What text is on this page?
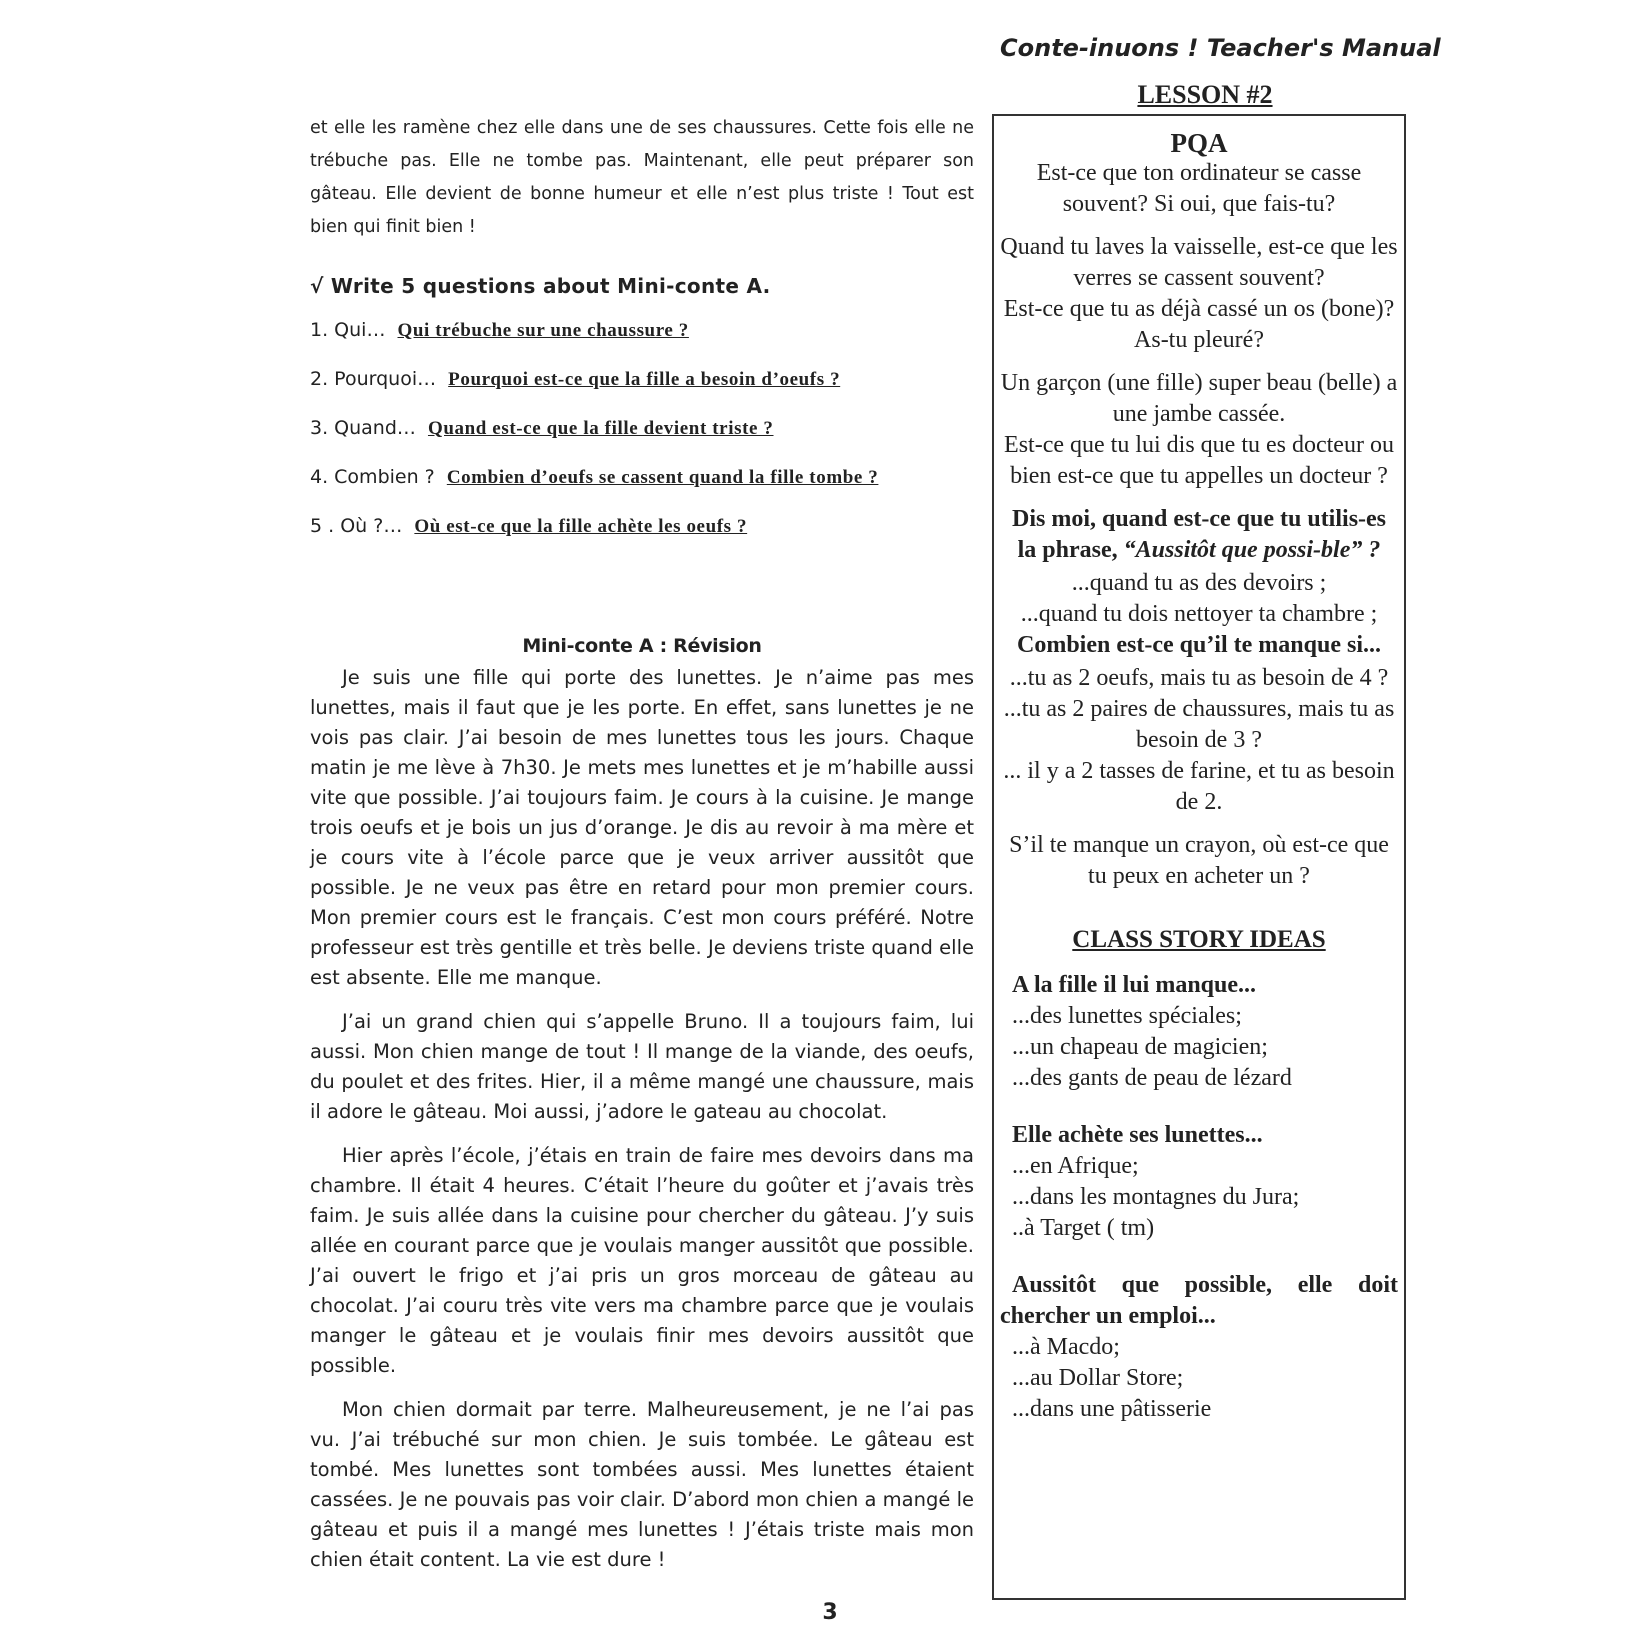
Conte-inuons ! Teacher's Manual
LESSON #2

et elle les ramène chez elle dans une de ses chaussures. Cette fois elle ne trébuche pas. Elle ne tombe pas. Maintenant, elle peut préparer son gâteau. Elle devient de bonne humeur et elle n’est plus triste ! Tout est bien qui finit bien !

√ Write 5 questions about Mini-conte A.
1. Qui… Qui trébuche sur une chaussure ?
2. Pourquoi… Pourquoi est-ce que la fille a besoin d’oeufs ?
3. Quand… Quand est-ce que la fille devient triste ?
4. Combien ? Combien d’oeufs se cassent quand la fille tombe ?
5 . Où ?… Où est-ce que la fille achète les oeufs ?
Mini-conte A : Révision

Je suis une fille qui porte des lunettes. Je n’aime pas mes lunettes, mais il faut que je les porte. En effet, sans lunettes je ne vois pas clair. J’ai besoin de mes lunettes tous les jours. Chaque matin je me lève à 7h30. Je mets mes lunettes et je m’habille aussi vite que possible. J’ai toujours faim. Je cours à la cuisine. Je mange trois oeufs et je bois un jus d’orange. Je dis au revoir à ma mère et je cours vite à l’école parce que je veux arriver aussitôt que possible. Je ne veux pas être en retard pour mon premier cours. Mon premier cours est le français. C’est mon cours préféré. Notre professeur est très gentille et très belle. Je deviens triste quand elle est absente. Elle me manque.

J’ai un grand chien qui s’appelle Bruno. Il a toujours faim, lui aussi. Mon chien mange de tout ! Il mange de la viande, des oeufs, du poulet et des frites. Hier, il a même mangé une chaussure, mais il adore le gâteau. Moi aussi, j’adore le gateau au chocolat.

Hier après l’école, j’étais en train de faire mes devoirs dans ma chambre. Il était 4 heures. C’était l’heure du goûter et j’avais très faim. Je suis allée dans la cuisine pour chercher du gâteau. J’y suis allée en courant parce que je voulais manger aussitôt que possible. J’ai ouvert le frigo et j’ai pris un gros morceau de gâteau au chocolat. J’ai couru très vite vers ma chambre parce que je voulais manger le gâteau et je voulais finir mes devoirs aussitôt que possible.

Mon chien dormait par terre. Malheureusement, je ne l’ai pas vu. J’ai trébuché sur mon chien. Je suis tombée. Le gâteau est tombé. Mes lunettes sont tombées aussi. Mes lunettes étaient cassées. Je ne pouvais pas voir clair. D’abord mon chien a mangé le gâteau et puis il a mangé mes lunettes ! J’étais triste mais mon chien était content. La vie est dure !

PQA

Est-ce que ton ordinateur se casse souvent? Si oui, que fais-tu?

Quand tu laves la vaisselle, est-ce que les verres se cassent souvent?

Est-ce que tu as déjà cassé un os (bone)? As-tu pleuré?

Un garçon (une fille) super beau (belle) a une jambe cassée.

Est-ce que tu lui dis que tu es docteur ou bien est-ce que tu appelles un docteur ?

Dis moi, quand est-ce que tu utilis-es la phrase, “Aussitôt que possi-ble” ?

...quand tu as des devoirs ;

...quand tu dois nettoyer ta chambre ;

Combien est-ce qu’il te manque si...

...tu as 2 oeufs, mais tu as besoin de 4 ?

...tu as 2 paires de chaussures, mais tu as besoin de 3 ?

... il y a 2 tasses de farine, et tu as besoin de 2.

S’il te manque un crayon, où est-ce que tu peux en acheter un ?

CLASS STORY IDEAS
A la fille il lui manque...
...des lunettes spéciales;
...un chapeau de magicien;
...des gants de peau de lézard
Elle achète ses lunettes...
...en Afrique;
...dans les montagnes du Jura;
..à Target ( tm)
Aussitôt que possible, elle doit chercher un emploi...
...à Macdo;
...au Dollar Store;
...dans une pâtisserie
3
